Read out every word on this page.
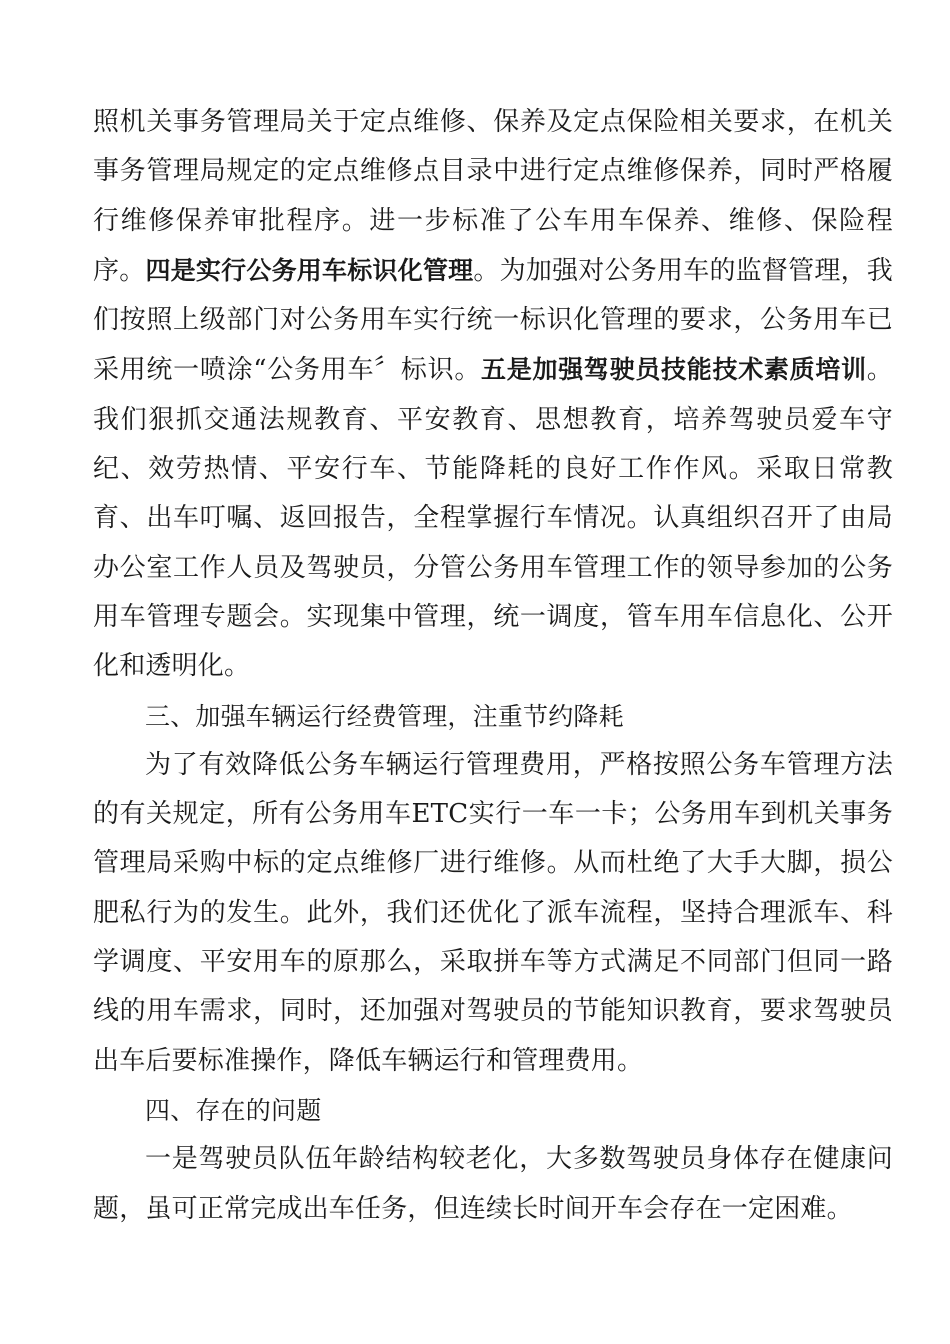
照机关事务管理局关于定点维修、保养及定点保险相关要求，在机关事务管理局规定的定点维修点目录中进行定点维修保养，同时严格履行维修保养审批程序。进一步标准了公车用车保养、维修、保险程序。四是实行公务用车标识化管理。为加强对公务用车的监督管理，我们按照上级部门对公务用车实行统一标识化管理的要求，公务用车已采用统一喷涂“公务用车〞标识。五是加强驾驶员技能技术素质培训。我们狠抓交通法规教育、平安教育、思想教育，培养驾驶员爱车守纪、效劳热情、平安行车、节能降耗的良好工作作风。采取日常教育、出车叮嘱、返回报告，全程掌握行车情况。认真组织召开了由局办公室工作人员及驾驶员，分管公务用车管理工作的领导参加的公务用车管理专题会。实现集中管理，统一调度，管车用车信息化、公开化和透明化。

三、加强车辆运行经费管理，注重节约降耗

为了有效降低公务车辆运行管理费用，严格按照公务车管理方法的有关规定，所有公务用车ETC实行一车一卡；公务用车到机关事务管理局采购中标的定点维修厂进行维修。从而杜绝了大手大脚，损公肥私行为的发生。此外，我们还优化了派车流程，坚持合理派车、科学调度、平安用车的原那么，采取拼车等方式满足不同部门但同一路线的用车需求，同时，还加强对驾驶员的节能知识教育，要求驾驶员出车后要标准操作，降低车辆运行和管理费用。

四、存在的问题

一是驾驶员队伍年龄结构较老化，大多数驾驶员身体存在健康问题，虽可正常完成出车任务，但连续长时间开车会存在一定困难。
